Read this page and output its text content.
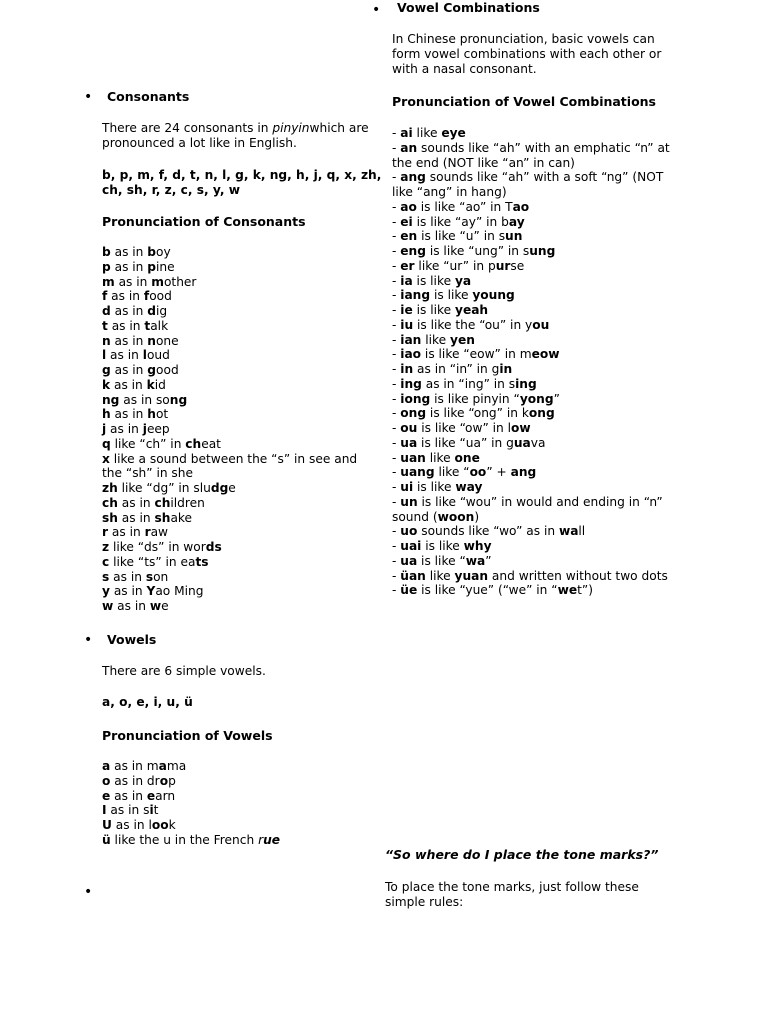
• Consonants
There are 24 consonants in pinyinwhich are pronounced a lot like in English.
b, p, m, f, d, t, n, l, g, k, ng, h, j, q, x, zh, ch, sh, r, z, c, s, y, w
Pronunciation of Consonants
b as in boy
p as in pine
m as in mother
f as in food
d as in dig
t as in talk
n as in none
l as in loud
g as in good
k as in kid
ng as in song
h as in hot
j as in jeep
q like “ch” in cheat
x like a sound between the “s” in see and the “sh” in she
zh like “dg” in sludge
ch as in children
sh as in shake
r as in raw
z like “ds” in words
c like “ts” in eats
s as in son
y as in Yao Ming
w as in we
• Vowels
There are 6 simple vowels.
a, o, e, i, u, ü
Pronunciation of Vowels
a as in mama
o as in drop
e as in earn
I as in sit
U as in look
ü like the u in the French rue
•
• Vowel Combinations
In Chinese pronunciation, basic vowels can form vowel combinations with each other or with a nasal consonant.
Pronunciation of Vowel Combinations
- ai like eye
- an sounds like “ah” with an emphatic “n” at the end (NOT like “an” in can)
- ang sounds like “ah” with a soft “ng” (NOT like “ang” in hang)
- ao is like “ao” in Tao
- ei is like “ay” in bay
- en is like “u” in sun
- eng is like “ung” in sung
- er like “ur” in purse
- ia is like ya
- iang is like young
- ie is like yeah
- iu is like the “ou” in you
- ian like yen
- iao is like “eow” in meow
- in as in “in” in gin
- ing as in “ing” in sing
- iong is like pinyin “yong”
- ong is like “ong” in kong
- ou is like “ow” in low
- ua is like “ua” in guava
- uan like one
- uang like “oo” + ang
- ui is like way
- un is like “wou” in would and ending in “n” sound (woon)
- uo sounds like “wo” as in wall
- uai is like why
- ua is like “wa”
- üan like yuan and written without two dots
- üe is like “yue” (“we” in “wet”)
“So where do I place the tone marks?”
To place the tone marks, just follow these simple rules:
